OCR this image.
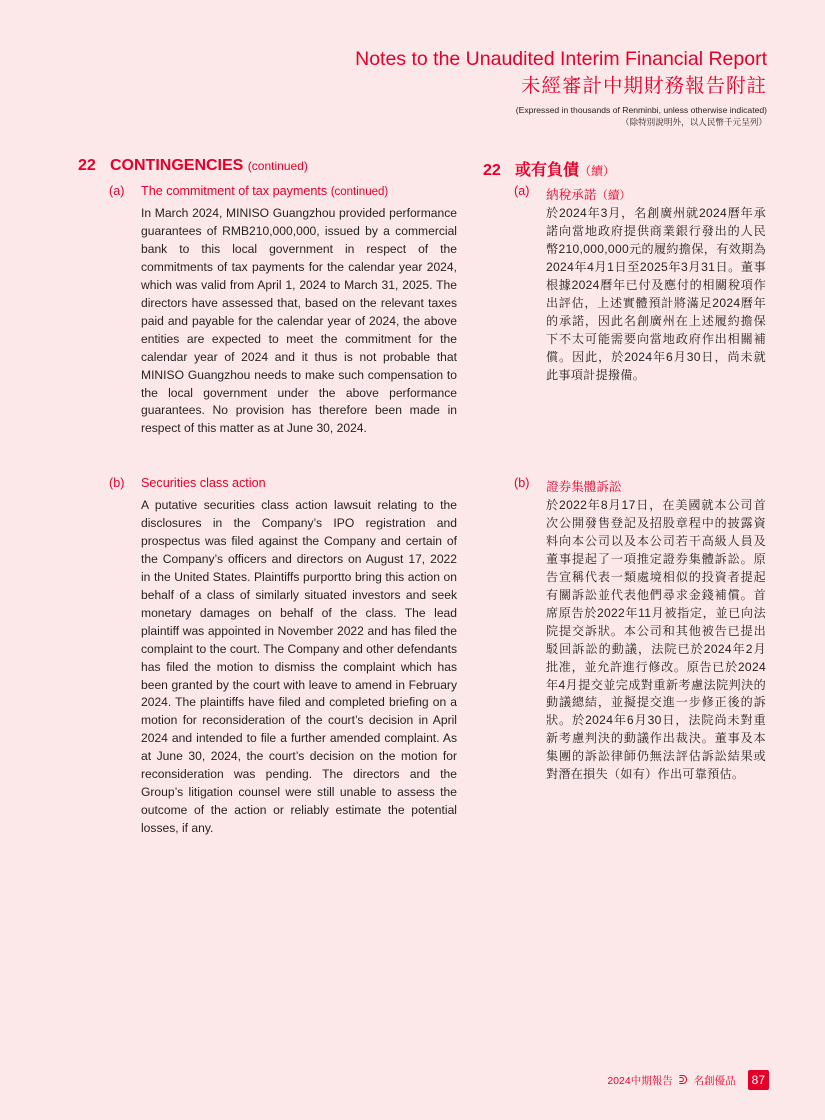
Notes to the Unaudited Interim Financial Report
未經審計中期財務報告附註
(Expressed in thousands of Renminbi, unless otherwise indicated)
（除特別說明外，以人民幣千元呈列）
22 CONTINGENCIES (continued)
(a) The commitment of tax payments (continued)
In March 2024, MINISO Guangzhou provided performance guarantees of RMB210,000,000, issued by a commercial bank to this local government in respect of the commitments of tax payments for the calendar year 2024, which was valid from April 1, 2024 to March 31, 2025. The directors have assessed that, based on the relevant taxes paid and payable for the calendar year of 2024, the above entities are expected to meet the commitment for the calendar year of 2024 and it thus is not probable that MINISO Guangzhou needs to make such compensation to the local government under the above performance guarantees. No provision has therefore been made in respect of this matter as at June 30, 2024.
(b) Securities class action
A putative securities class action lawsuit relating to the disclosures in the Company’s IPO registration and prospectus was filed against the Company and certain of the Company’s officers and directors on August 17, 2022 in the United States. Plaintiffs purportto bring this action on behalf of a class of similarly situated investors and seek monetary damages on behalf of the class. The lead plaintiff was appointed in November 2022 and has filed the complaint to the court. The Company and other defendants has filed the motion to dismiss the complaint which has been granted by the court with leave to amend in February 2024. The plaintiffs have filed and completed briefing on a motion for reconsideration of the court’s decision in April 2024 and intended to file a further amended complaint. As at June 30, 2024, the court’s decision on the motion for reconsideration was pending. The directors and the Group’s litigation counsel were still unable to assess the outcome of the action or reliably estimate the potential losses, if any.
22 或有負債（續）
(a) 納稅承諾（續）
於2024年3月，名創廣州就2024曆年承諾向當地政府提供商業銀行發出的人民幣210,000,000元的履約擔保，有效期為2024年4月1日至2025年3月31日。董事根據2024曆年已付及應付的相關稅項作出評估，上述實體預計將滿足2024曆年的承諾，因此名創廣州在上述履約擔保下不太可能需要向當地政府作出相關補償。因此，於2024年6月30日，尚未就此事項計提撥備。
(b) 證券集體訴訟
於2022年8月17日，在美國就本公司首次公開發售登記及招股章程中的披露資料向本公司以及本公司若干高級人員及董事提起了一項推定證券集體訴訟。原告宣稱代表一類處境相似的投資者提起有關訴訟並代表他們尋求金錢補償。首席原告於2022年11月被指定，並已向法院提交訴狀。本公司和其他被告已提出駁回訴訟的動議，法院已於2024年2月批准，並允許進行修改。原告已於2024年4月提交並完成對重新考慮法院判決的動議總結，並擬提交進一步修正後的訴狀。於2024年6月30日，法院尚未對重新考慮判決的動議作出裁決。董事及本集團的訴訟律師仍無法評估訴訟結果或對潛在損失（如有）作出可靠預估。
2024中期報告 ᕲ 名創優品	87
